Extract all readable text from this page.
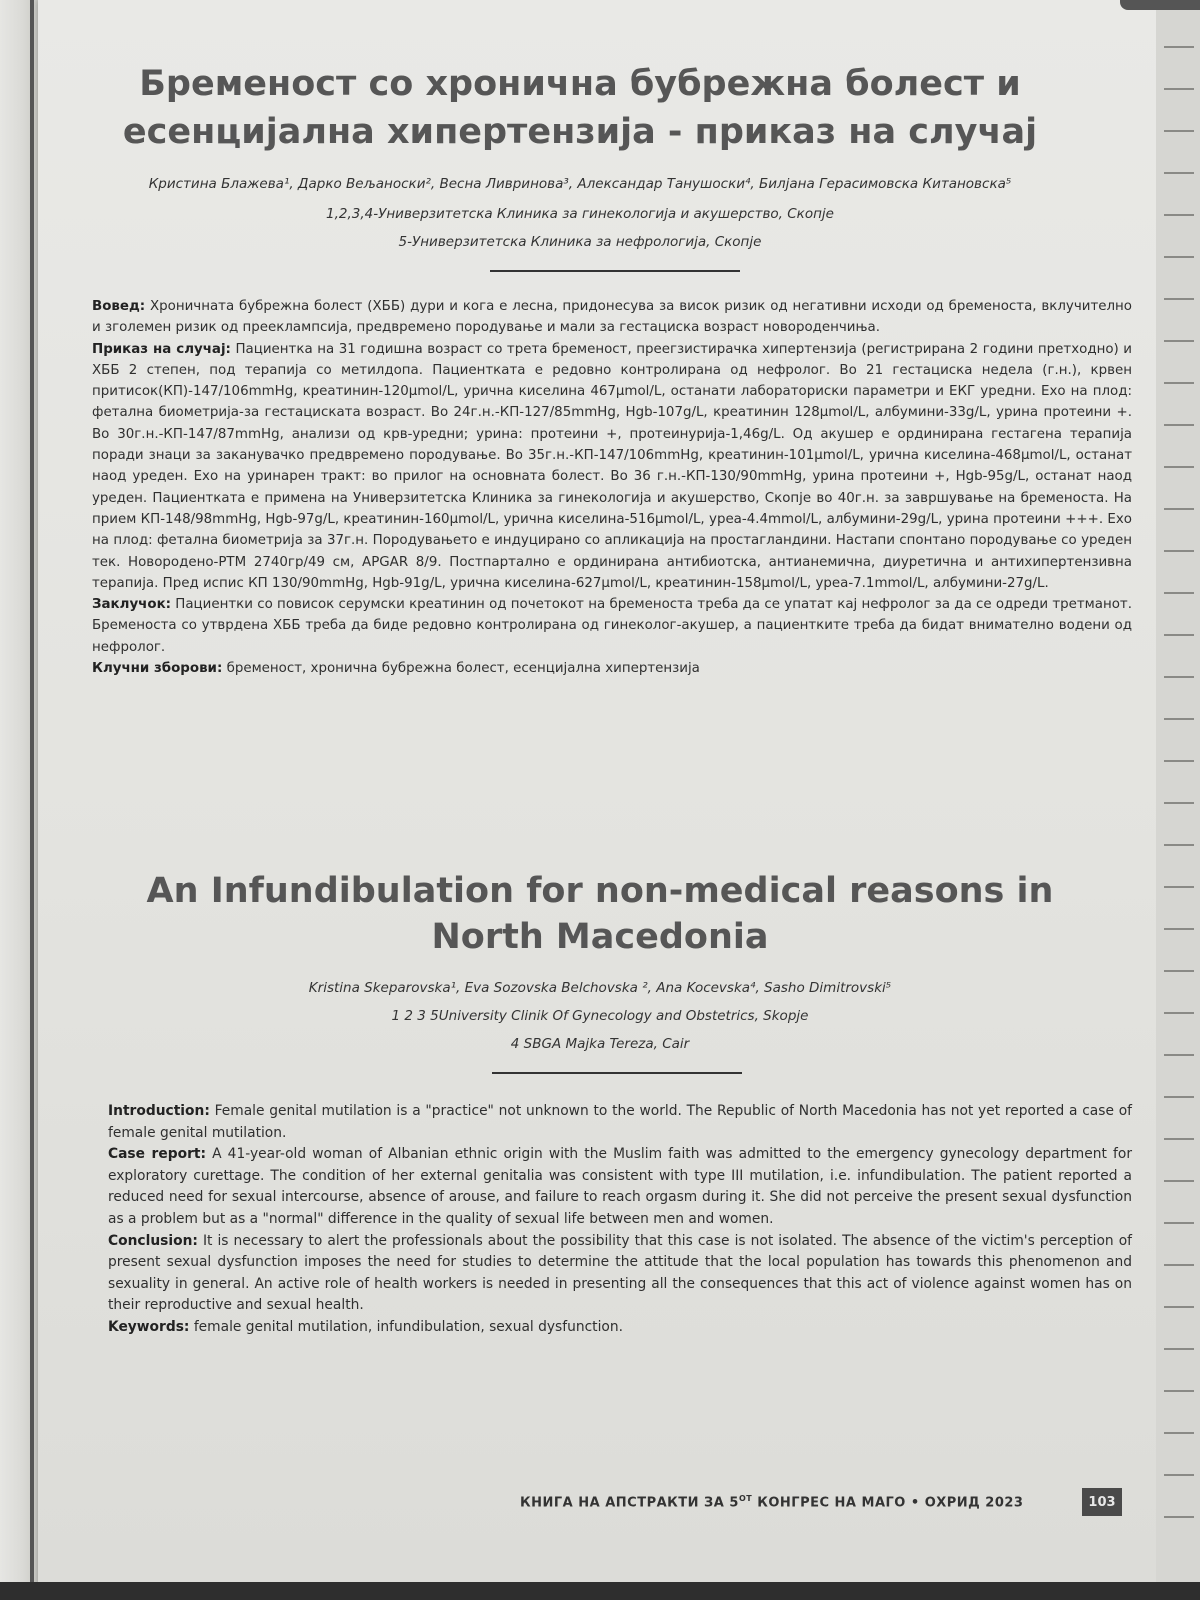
Бременост со хронична бубрежна болест и есенцијална хипертензија - приказ на случај

Кристина Блажева¹, Дарко Вељаноски², Весна Ливринова³, Александар Танушоски⁴, Билјана Герасимовска Китановска⁵

1,2,3,4-Универзитетска Клиника за гинекологија и акушерство, Скопје

5-Универзитетска Клиника за нефрологија, Скопје

Вовед: Хроничната бубрежна болест (ХББ) дури и кога е лесна, придонесува за висок ризик од негативни исходи од бременоста, вклучително и зголемен ризик од прееклампсија, предвремено породување и мали за гестациска возраст новороденчиња.

Приказ на случај: Пациентка на 31 годишна возраст со трета бременост, преегзистирачка хипертензија (регистрирана 2 години претходно) и ХББ 2 степен, под терапија со метилдопа. Пациентката е редовно контролирана од нефролог. Во 21 гестациска недела (г.н.), крвен притисок(КП)-147/106mmHg, креатинин-120μmol/L, урична киселина 467μmol/L, останати лабораториски параметри и ЕКГ уредни. Ехо на плод: фетална биометрија-за гестациската возраст. Во 24г.н.-КП-127/85mmHg, Hgb-107g/L, креатинин 128μmol/L, албумини-33g/L, урина протеини +. Во 30г.н.-КП-147/87mmHg, анализи од крв-уредни; урина: протеини +, протеинурија-1,46g/L. Од акушер е ординирана гестагена терапија поради знаци за заканувачко предвремено породување. Во 35г.н.-КП-147/106mmHg, креатинин-101μmol/L, урична киселина-468μmol/L, останат наод уреден. Ехо на уринарен тракт: во прилог на основната болест. Во 36 г.н.-КП-130/90mmHg, урина протеини +, Hgb-95g/L, останат наод уреден. Пациентката е примена на Универзитетска Клиника за гинекологија и акушерство, Скопје во 40г.н. за завршување на бременоста. На прием КП-148/98mmHg, Hgb-97g/L, креатинин-160μmol/L, урична киселина-516μmol/L, уреа-4.4mmol/L, албумини-29g/L, урина протеини +++. Ехо на плод: фетална биометрија за 37г.н. Породувањето е индуцирано со апликација на простагландини. Настапи спонтано породување со уреден тек. Новородено-РТМ 2740гр/49 см, APGAR 8/9. Постпартално е ординирана антибиотска, антианемична, диуретична и антихипертензивна терапија. Пред испис КП 130/90mmHg, Hgb-91g/L, урична киселина-627μmol/L, креатинин-158μmol/L, уреа-7.1mmol/L, албумини-27g/L.

Заклучок: Пациентки со повисок серумски креатинин од почетокот на бременоста треба да се упатат кај нефролог за да се одреди третманот. Бременоста со утврдена ХББ треба да биде редовно контролирана од гинеколог-акушер, а пациентките треба да бидат внимателно водени од нефролог.

Клучни зборови: бременост, хронична бубрежна болест, есенцијална хипертензија

An Infundibulation for non-medical reasons in North Macedonia

Kristina Skeparovska¹, Eva Sozovska Belchovska ², Ana Kocevska⁴, Sasho Dimitrovski⁵

1 2 3 5University Clinik Of Gynecology and Obstetrics, Skopje

4 SBGA Majka Tereza, Cair

Introduction: Female genital mutilation is a "practice" not unknown to the world. The Republic of North Macedonia has not yet reported a case of female genital mutilation.

Case report: A 41-year-old woman of Albanian ethnic origin with the Muslim faith was admitted to the emergency gynecology department for exploratory curettage. The condition of her external genitalia was consistent with type III mutilation, i.e. infundibulation. The patient reported a reduced need for sexual intercourse, absence of arouse, and failure to reach orgasm during it. She did not perceive the present sexual dysfunction as a problem but as a "normal" difference in the quality of sexual life between men and women.

Conclusion: It is necessary to alert the professionals about the possibility that this case is not isolated. The absence of the victim's perception of present sexual dysfunction imposes the need for studies to determine the attitude that the local population has towards this phenomenon and sexuality in general. An active role of health workers is needed in presenting all the consequences that this act of violence against women has on their reproductive and sexual health.

Keywords: female genital mutilation, infundibulation, sexual dysfunction.

КНИГА НА АПСТРАКТИ ЗА $5^{ОТ}$ КОНГРЕС НА МАГО • ОХРИД 2023	103
